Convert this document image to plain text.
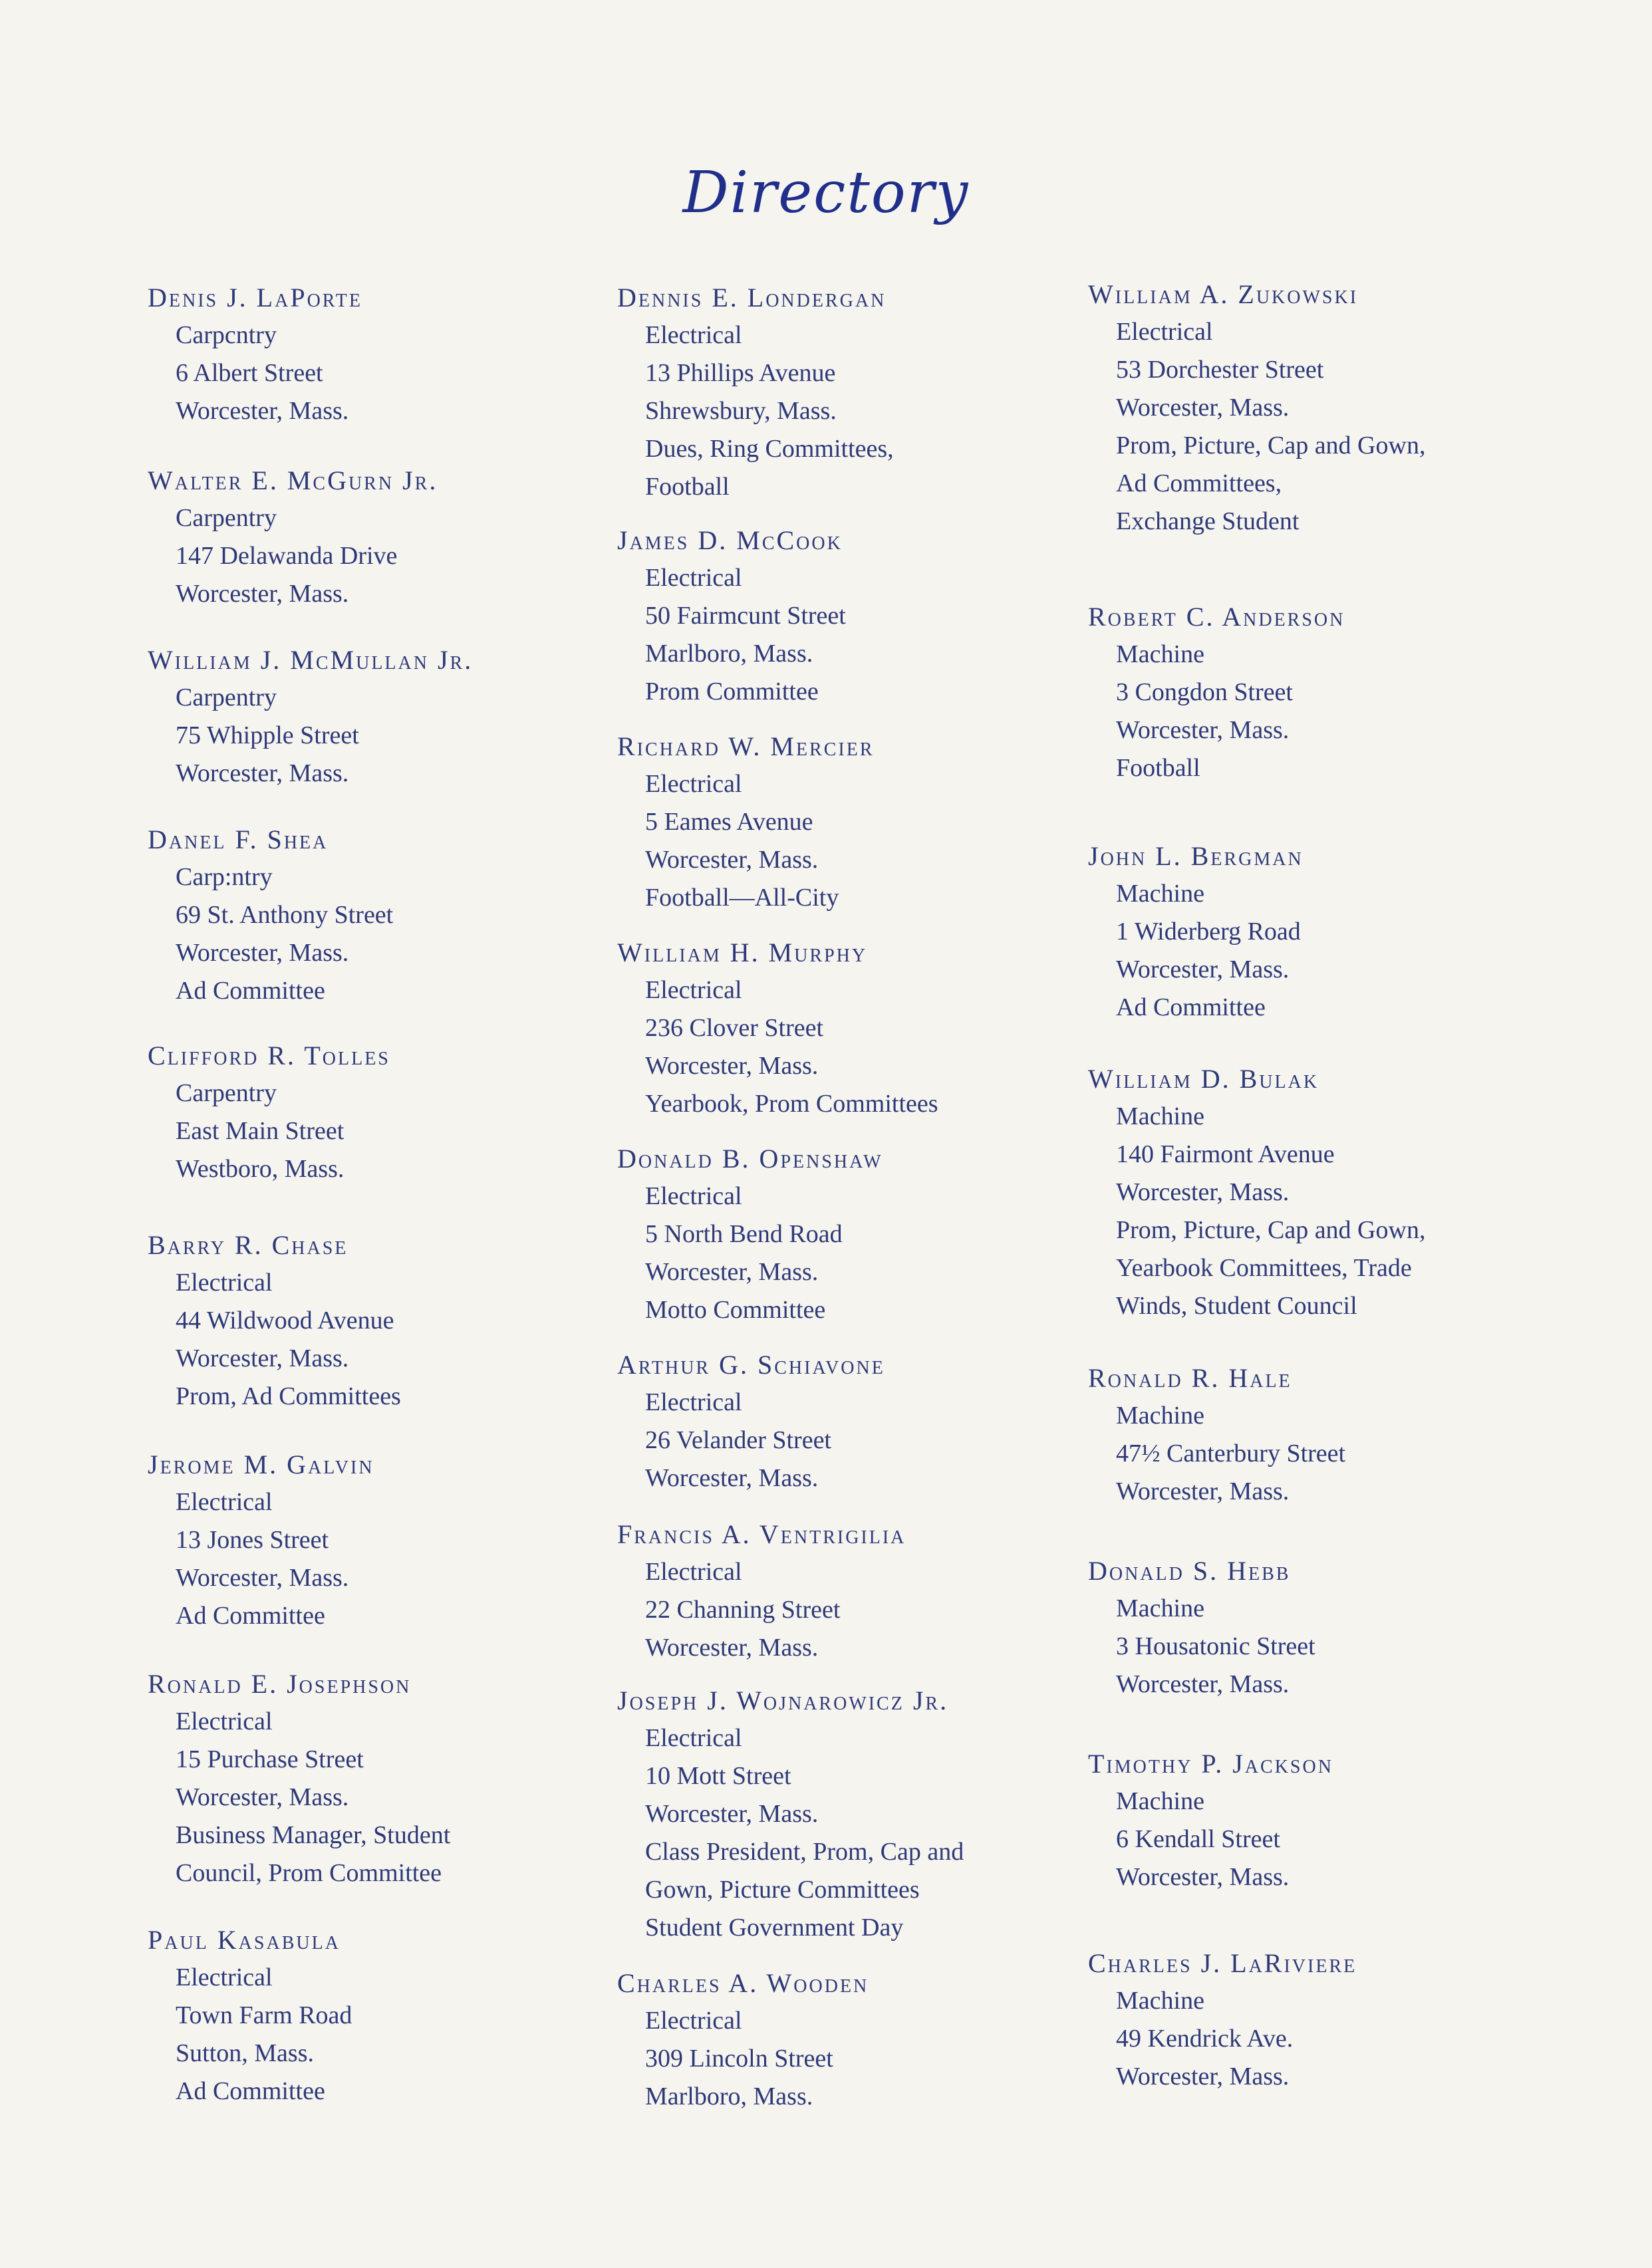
Directory
Denis J. LaPorte
Carpcntry
6 Albert Street
Worcester, Mass.
Walter E. McGurn Jr.
Carpentry
147 Delawanda Drive
Worcester, Mass.
William J. McMullan Jr.
Carpentry
75 Whipple Street
Worcester, Mass.
Danel F. Shea
Carp:ntry
69 St. Anthony Street
Worcester, Mass.
Ad Committee
Clifford R. Tolles
Carpentry
East Main Street
Westboro, Mass.
Barry R. Chase
Electrical
44 Wildwood Avenue
Worcester, Mass.
Prom, Ad Committees
Jerome M. Galvin
Electrical
13 Jones Street
Worcester, Mass.
Ad Committee
Ronald E. Josephson
Electrical
15 Purchase Street
Worcester, Mass.
Business Manager, Student
Council, Prom Committee
Paul Kasabula
Electrical
Town Farm Road
Sutton, Mass.
Ad Committee
Dennis E. Londergan
Electrical
13 Phillips Avenue
Shrewsbury, Mass.
Dues, Ring Committees,
Football
James D. McCook
Electrical
50 Fairmcunt Street
Marlboro, Mass.
Prom Committee
Richard W. Mercier
Electrical
5 Eames Avenue
Worcester, Mass.
Football—All-City
William H. Murphy
Electrical
236 Clover Street
Worcester, Mass.
Yearbook, Prom Committees
Donald B. Openshaw
Electrical
5 North Bend Road
Worcester, Mass.
Motto Committee
Arthur G. Schiavone
Electrical
26 Velander Street
Worcester, Mass.
Francis A. Ventrigilia
Electrical
22 Channing Street
Worcester, Mass.
Joseph J. Wojnarowicz Jr.
Electrical
10 Mott Street
Worcester, Mass.
Class President, Prom, Cap and
Gown, Picture Committees
Student Government Day
Charles A. Wooden
Electrical
309 Lincoln Street
Marlboro, Mass.
William A. Zukowski
Electrical
53 Dorchester Street
Worcester, Mass.
Prom, Picture, Cap and Gown,
Ad Committees,
Exchange Student
Robert C. Anderson
Machine
3 Congdon Street
Worcester, Mass.
Football
John L. Bergman
Machine
1 Widerberg Road
Worcester, Mass.
Ad Committee
William D. Bulak
Machine
140 Fairmont Avenue
Worcester, Mass.
Prom, Picture, Cap and Gown,
Yearbook Committees, Trade
Winds, Student Council
Ronald R. Hale
Machine
47½ Canterbury Street
Worcester, Mass.
Donald S. Hebb
Machine
3 Housatonic Street
Worcester, Mass.
Timothy P. Jackson
Machine
6 Kendall Street
Worcester, Mass.
Charles J. LaRiviere
Machine
49 Kendrick Ave.
Worcester, Mass.
